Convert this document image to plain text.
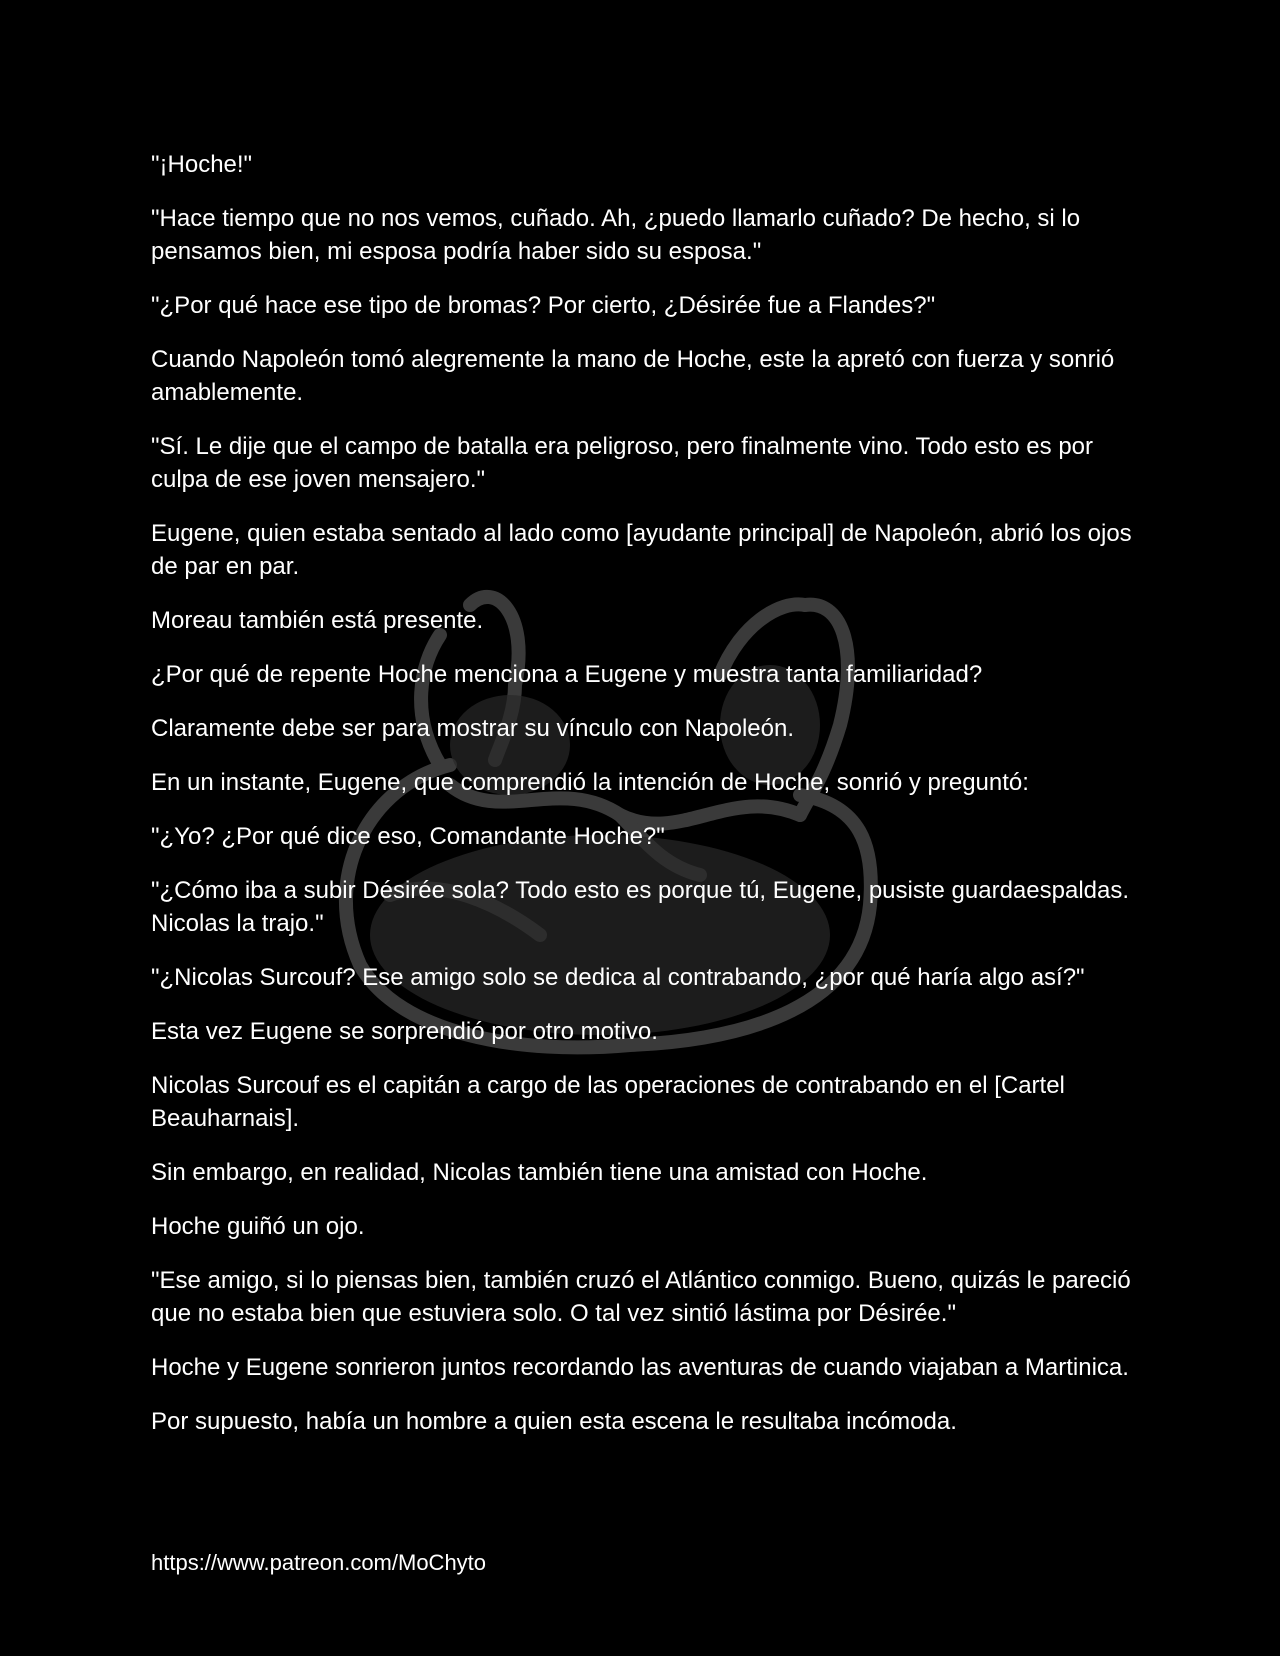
"¡Hoche!"

"Hace tiempo que no nos vemos, cuñado. Ah, ¿puedo llamarlo cuñado? De hecho, si lo pensamos bien, mi esposa podría haber sido su esposa."

"¿Por qué hace ese tipo de bromas? Por cierto, ¿Désirée fue a Flandes?"

Cuando Napoleón tomó alegremente la mano de Hoche, este la apretó con fuerza y sonrió amablemente.

"Sí. Le dije que el campo de batalla era peligroso, pero finalmente vino. Todo esto es por culpa de ese joven mensajero."

Eugene, quien estaba sentado al lado como [ayudante principal] de Napoleón, abrió los ojos de par en par.

Moreau también está presente.

¿Por qué de repente Hoche menciona a Eugene y muestra tanta familiaridad?

Claramente debe ser para mostrar su vínculo con Napoleón.

En un instante, Eugene, que comprendió la intención de Hoche, sonrió y preguntó:

"¿Yo? ¿Por qué dice eso, Comandante Hoche?"

"¿Cómo iba a subir Désirée sola? Todo esto es porque tú, Eugene, pusiste guardaespaldas. Nicolas la trajo."

"¿Nicolas Surcouf? Ese amigo solo se dedica al contrabando, ¿por qué haría algo así?"

Esta vez Eugene se sorprendió por otro motivo.

Nicolas Surcouf es el capitán a cargo de las operaciones de contrabando en el [Cartel Beauharnais].

Sin embargo, en realidad, Nicolas también tiene una amistad con Hoche.

Hoche guiñó un ojo.

"Ese amigo, si lo piensas bien, también cruzó el Atlántico conmigo. Bueno, quizás le pareció que no estaba bien que estuviera solo. O tal vez sintió lástima por Désirée."

Hoche y Eugene sonrieron juntos recordando las aventuras de cuando viajaban a Martinica.

Por supuesto, había un hombre a quien esta escena le resultaba incómoda.

https://www.patreon.com/MoChyto
